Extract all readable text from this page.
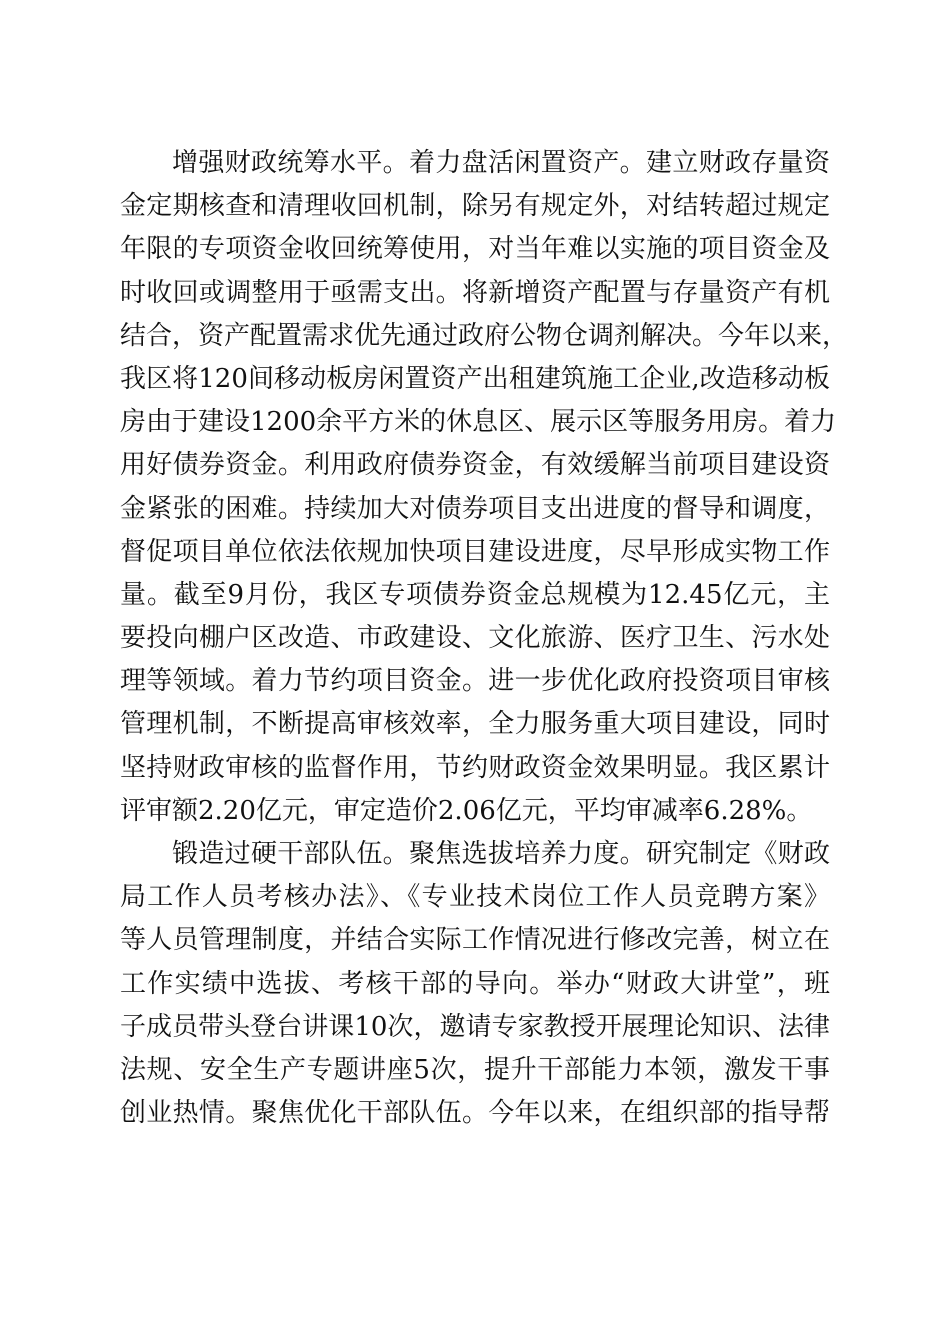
增强财政统筹水平。着力盘活闲置资产。建立财政存量资
金定期核查和清理收回机制，除另有规定外，对结转超过规定
年限的专项资金收回统筹使用，对当年难以实施的项目资金及
时收回或调整用于亟需支出。将新增资产配置与存量资产有机
结合，资产配置需求优先通过政府公物仓调剂解决。今年以来，
我区将120间移动板房闲置资产出租建筑施工企业,改造移动板
房由于建设1200余平方米的休息区、展示区等服务用房。着力
用好债券资金。利用政府债券资金，有效缓解当前项目建设资
金紧张的困难。持续加大对债券项目支出进度的督导和调度，
督促项目单位依法依规加快项目建设进度，尽早形成实物工作
量。截至9月份，我区专项债券资金总规模为12.45亿元，主
要投向棚户区改造、市政建设、文化旅游、医疗卫生、污水处
理等领域。着力节约项目资金。进一步优化政府投资项目审核
管理机制，不断提高审核效率，全力服务重大项目建设，同时
坚持财政审核的监督作用，节约财政资金效果明显。我区累计
评审额2.20亿元，审定造价2.06亿元，平均审减率6.28%。
锻造过硬干部队伍。聚焦选拔培养力度。研究制定《财政
局工作人员考核办法》、《专业技术岗位工作人员竞聘方案》
等人员管理制度，并结合实际工作情况进行修改完善，树立在
工作实绩中选拔、考核干部的导向。举办“财政大讲堂”，班
子成员带头登台讲课10次，邀请专家教授开展理论知识、法律
法规、安全生产专题讲座5次，提升干部能力本领，激发干事
创业热情。聚焦优化干部队伍。今年以来，在组织部的指导帮
